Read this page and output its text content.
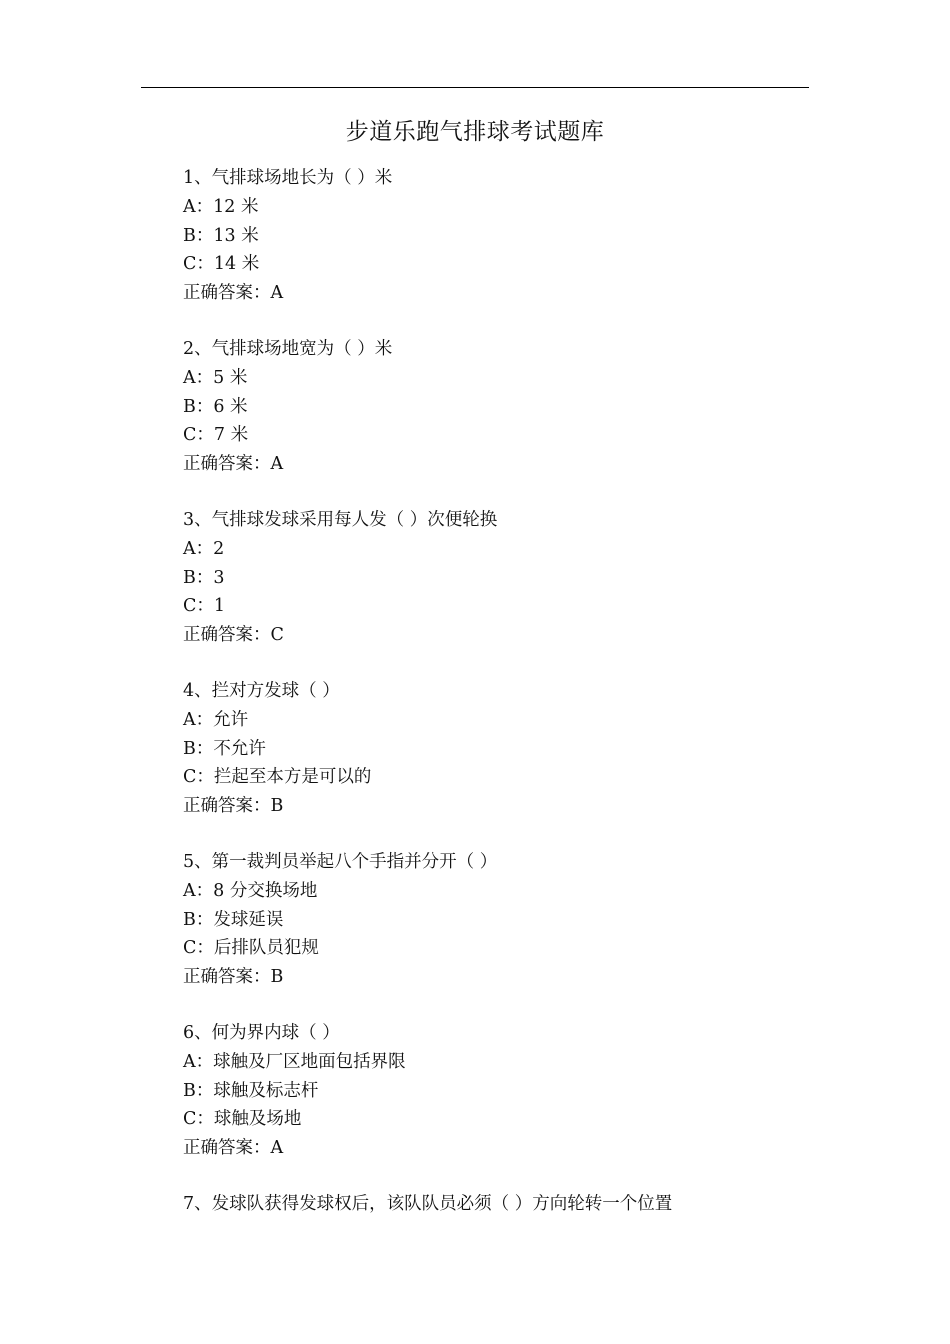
步道乐跑气排球考试题库
1、气排球场地长为（ ）米
A：12 米
B：13 米
C：14 米
正确答案：A
2、气排球场地宽为（ ）米
A：5 米
B：6 米
C：7 米
正确答案：A
3、气排球发球采用每人发（ ）次便轮换
A：2
B：3
C：1
正确答案：C
4、拦对方发球（ ）
A：允许
B：不允许
C：拦起至本方是可以的
正确答案：B
5、第一裁判员举起八个手指并分开（ ）
A：8 分交换场地
B：发球延误
C：后排队员犯规
正确答案：B
6、何为界内球（ ）
A：球触及厂区地面包括界限
B：球触及标志杆
C：球触及场地
正确答案：A
7、发球队获得发球权后，该队队员必须（ ）方向轮转一个位置
